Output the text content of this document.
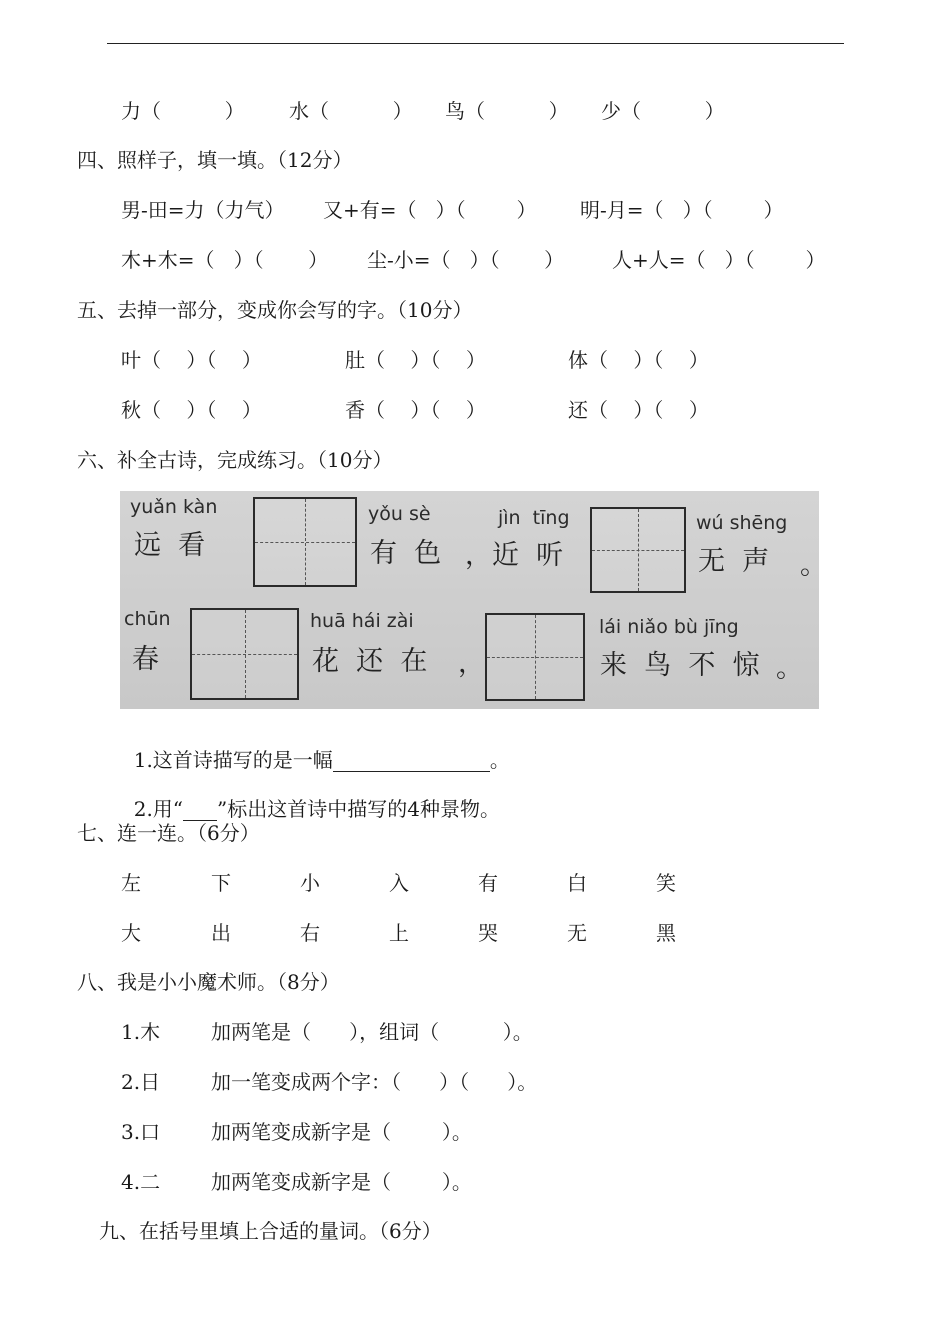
力（          ） 水（          ） 鸟（          ） 少（          ）
四、照样子，填一填。（12分）
男-田=力（力气） 又+有=（   ）（        ） 明-月=（   ）（        ）
木+木=（   ）（       ） 尘-小=（   ）（       ） 人+人=（   ）（        ）
五、去掉一部分，变成你会写的字。（10分）
叶（    ）（    ）	肚（    ）（    ）	体（    ）（    ）
秋（    ）（    ）	香（    ）（    ）	还（    ）（    ）
六、补全古诗，完成练习。（10分）
yuǎn kàn
远  看
yǒu sè
有  色
jìn  tīng
，近  听
wú shēng
无  声 。
chūn
春
huā hái zài
花  还  在 ，
lái niǎo bù jīng
来  鸟  不  惊 。

1.这首诗描写的是一幅	。

2.用“ ”标出这首诗中描写的4种景物。

七、连一连。（6分）
左	下	小	入	有	白	笑
大	出	右	上	哭	无	黑
八、我是小小魔术师。（8分）
1.木	加两笔是（      ），组词（          ）。
2.日	加一笔变成两个字：（      ）（      ）。
3.口	加两笔变成新字是（        ）。
4.二	加两笔变成新字是（        ）。
九、在括号里填上合适的量词。（6分）
